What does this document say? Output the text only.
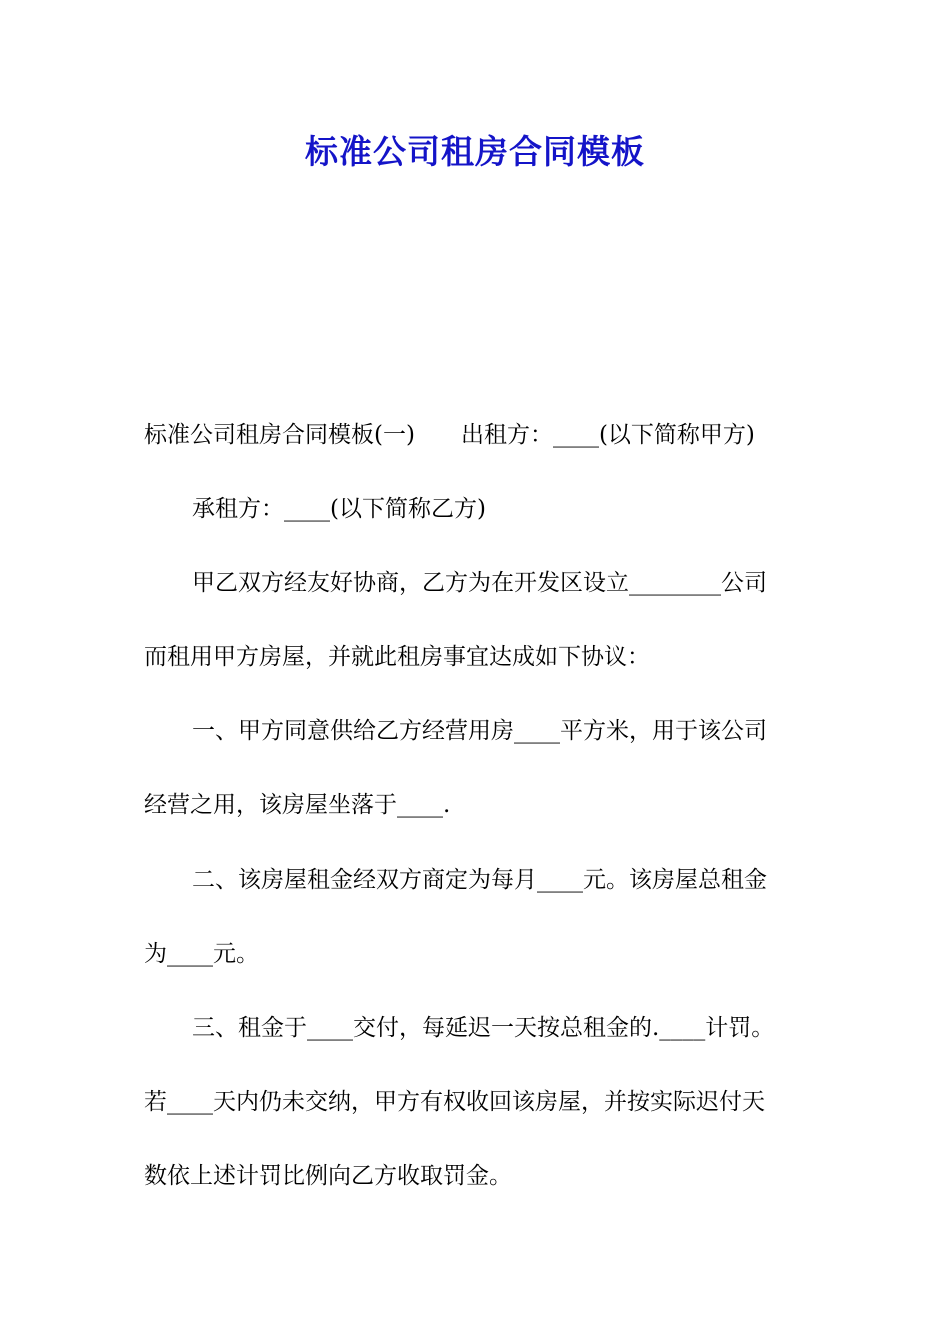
标准公司租房合同模板

标准公司租房合同模板(一)　　出租方：____(以下简称甲方)

承租方：____(以下简称乙方)

甲乙双方经友好协商，乙方为在开发区设立________公司

而租用甲方房屋，并就此租房事宜达成如下协议：

一、甲方同意供给乙方经营用房____平方米，用于该公司

经营之用，该房屋坐落于____.

二、该房屋租金经双方商定为每月____元。该房屋总租金

为____元。

三、租金于____交付，每延迟一天按总租金的.____计罚。

若____天内仍未交纳，甲方有权收回该房屋，并按实际迟付天

数依上述计罚比例向乙方收取罚金。
